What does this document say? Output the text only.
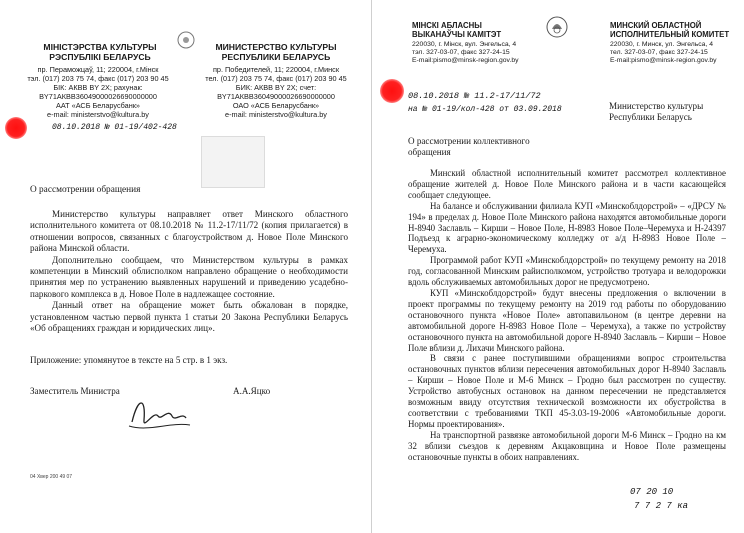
МІНІСТЭРСТВА КУЛЬТУРЫ
РЭСПУБЛІКІ БЕЛАРУСЬ
пр. Пераможцаў, 11; 220004, г.Мінск
тэл. (017) 203 75 74, факс (017) 203 90 45
БІК: АКВВ ВY 2Х; рахунак:
BY71АКВВ36049000026690000000
ААТ «АСБ Беларусбанк»
e-mail: ministerstvo@kultura.by
МИНИСТЕРСТВО КУЛЬТУРЫ
РЕСПУБЛИКИ БЕЛАРУСЬ
пр. Победителей, 11; 220004, г.Минск
тел. (017) 203 75 74, факс (017) 203 90 45
БИК: АКВВ ВY 2Х; счет:
BY71АКВВ36049000026690000000
ОАО «АСБ Беларусбанк»
e-mail: ministerstvo@kultura.by
08.10.2018 № 01-19/402-428
О рассмотрении обращения

Министерство культуры направляет ответ Минского областного исполнительного комитета от 08.10.2018 № 11.2-17/11/72 (копия прилагается) в отношении вопросов, связанных с благоустройством д. Новое Поле Минского района Минской области.

Дополнительно сообщаем, что Министерством культуры в рамках компетенции в Минский облисполком направлено обращение о необходимости принятия мер по устранению выявленных нарушений и приведению усадебно-паркового комплекса в д. Новое Поле в надлежащее состояние.

Данный ответ на обращение может быть обжалован в порядке, установленном частью первой пункта 1 статьи 20 Закона Республики Беларусь «Об обращениях граждан и юридических лиц».

Приложение: упомянутое в тексте на 5 стр. в 1 экз.
Заместитель Министра	А.А.Яцко
04 Хвер 200 49 07
МІНСКІ АБЛАСНЫ
ВЫКАНАЎЧЫ КАМІТЭТ
220030, г. Мінск, вул. Энгельса, 4
тэл. 327-03-07, факс 327-24-15
E-mail:pismo@minsk-region.gov.by
МИНСКИЙ ОБЛАСТНОЙ
ИСПОЛНИТЕЛЬНЫЙ КОМИТЕТ
220030, г. Минск, ул. Энгельса, 4
тел. 327-03-07, факс 327-24-15
E-mail:pismo@minsk-region.gov.by
08.10.2018 № 11.2-17/11/72
на № 01-19/кол-428 от 03.09.2018	Министерство культуры
Республики Беларусь
О рассмотрении коллективного
обращения

Минский областной исполнительный комитет рассмотрел коллективное обращение жителей д. Новое Поле Минского района и в части касающейся сообщает следующее.

На балансе и обслуживании филиала КУП «Минскоблдорстрой» – «ДРСУ № 194» в пределах д. Новое Поле Минского района находятся автомобильные дороги Н-8940 Заславль – Кирши – Новое Поле, Н-8983 Новое Поле–Черемуха и Н-24397 Подъезд к агрaрно-экономическому колледжу от а/д Н-8983 Новое Поле –Черемуха.

Программой работ КУП «Минскоблдорстрой» по текущему ремонту на 2018 год, согласованной Минским райисполкомом, устройство тротуара и велодорожки вдоль обслуживаемых автомобильных дорог не предусмотрено.

КУП «Минскоблдорстрой» будут внесены предложения о включении в проект программы по текущему ремонту на 2019 год работы по оборудованию остановочного пункта «Новое Поле» автопавильоном (в центре деревни на автомобильной дороге Н-8983 Новое Поле – Черемуха), а также по устройству остановочного пункта на автомобильной дороге Н-8940 Заславль – Кирши – Новое Поле вблизи д. Лихачи Минского района.

В связи с ранее поступившими обращениями вопрос строительства остановочных пунктов вблизи пересечения автомобильных дорог Н-8940 Заславль – Кирши – Новое Поле и М-6 Минск – Гродно был рассмотрен по существу. Устройство автобусных остановок на данном пересечении не представляется возможным ввиду отсутствия технической возможности их обустройства в соответствии с требованиями ТКП 45-3.03-19-2006 «Автомобильные дороги. Нормы проектирования».

На транспортной развязке автомобильной дороги М-6 Минск – Гродно на км 32 вблизи съездов к деревням Акцаковщина и Новое Поле размещены остановочные пункты в обоих направлениях.

07 20 10
7 7 2 7 ка
